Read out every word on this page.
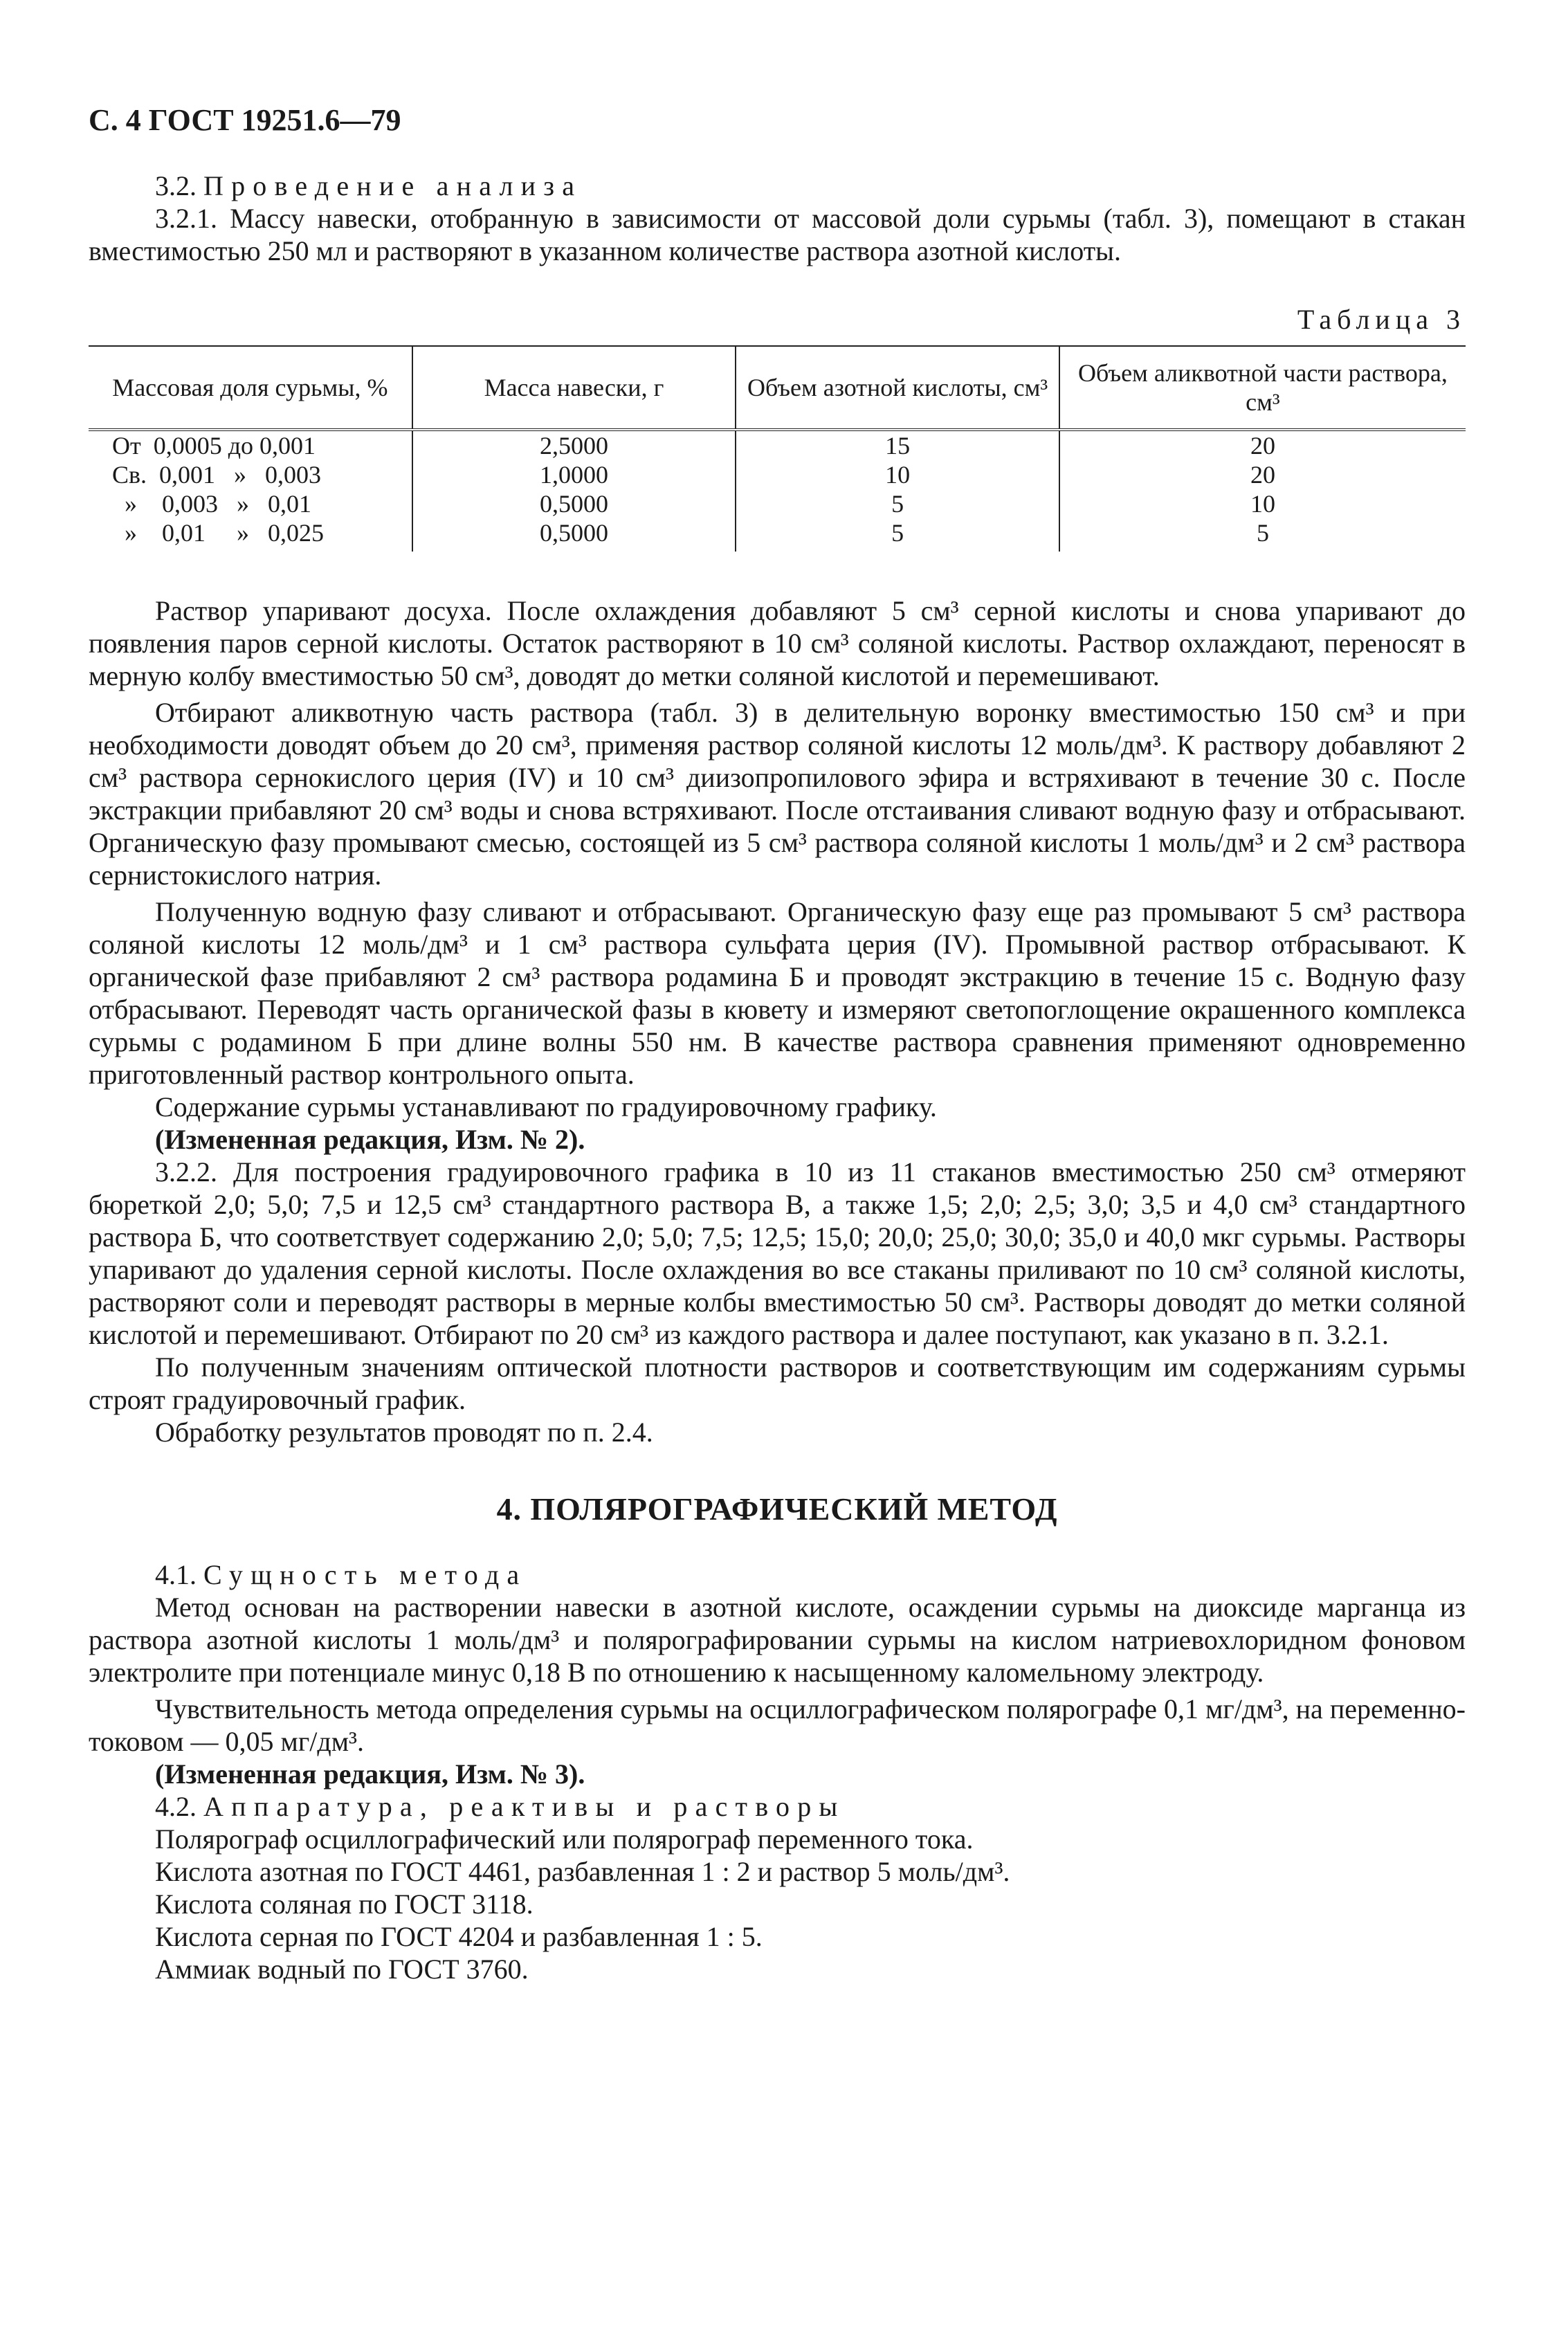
С. 4 ГОСТ 19251.6—79

3.2. Проведение анализа

3.2.1. Массу навески, отобранную в зависимости от массовой доли сурьмы (табл. 3), помещают в стакан вместимостью 250 мл и растворяют в указанном количестве раствора азотной кислоты.

Таблица 3
Массовая доля сурьмы, %	Масса навески, г	Объем азотной кислоты, см³	Объем аликвотной части раствора, см³
От  0,0005 до 0,001	2,5000	15	20
Св.  0,001   »   0,003	1,0000	10	20
»    0,003   »   0,01	0,5000	5	10
»    0,01     »   0,025	0,5000	5	5

Раствор упаривают досуха. После охлаждения добавляют 5 см³ серной кислоты и снова упаривают до появления паров серной кислоты. Остаток растворяют в 10 см³ соляной кислоты. Раствор охлаждают, переносят в мерную колбу вместимостью 50 см³, доводят до метки соляной кислотой и перемешивают.

Отбирают аликвотную часть раствора (табл. 3) в делительную воронку вместимостью 150 см³ и при необходимости доводят объем до 20 см³, применяя раствор соляной кислоты 12 моль/дм³. К раствору добавляют 2 см³ раствора сернокислого церия (IV) и 10 см³ диизопропилового эфира и встряхивают в течение 30 с. После экстракции прибавляют 20 см³ воды и снова встряхивают. После отстаивания сливают водную фазу и отбрасывают. Органическую фазу промывают смесью, состоящей из 5 см³ раствора соляной кислоты 1 моль/дм³ и 2 см³ раствора сернистокислого натрия.

Полученную водную фазу сливают и отбрасывают. Органическую фазу еще раз промывают 5 см³ раствора соляной кислоты 12 моль/дм³ и 1 см³ раствора сульфата церия (IV). Промывной раствор отбрасывают. К органической фазе прибавляют 2 см³ раствора родамина Б и проводят экстракцию в течение 15 с. Водную фазу отбрасывают. Переводят часть органической фазы в кювету и измеряют светопоглощение окрашенного комплекса сурьмы с родамином Б при длине волны 550 нм. В качестве раствора сравнения применяют одновременно приготовленный раствор контрольного опыта.

Содержание сурьмы устанавливают по градуировочному графику.

(Измененная редакция, Изм. № 2).

3.2.2. Для построения градуировочного графика в 10 из 11 стаканов вместимостью 250 см³ отмеряют бюреткой 2,0; 5,0; 7,5 и 12,5 см³ стандартного раствора В, а также 1,5; 2,0; 2,5; 3,0; 3,5 и 4,0 см³ стандартного раствора Б, что соответствует содержанию 2,0; 5,0; 7,5; 12,5; 15,0; 20,0; 25,0; 30,0; 35,0 и 40,0 мкг сурьмы. Растворы упаривают до удаления серной кислоты. После охлаждения во все стаканы приливают по 10 см³ соляной кислоты, растворяют соли и переводят растворы в мерные колбы вместимостью 50 см³. Растворы доводят до метки соляной кислотой и перемешивают. Отбирают по 20 см³ из каждого раствора и далее поступают, как указано в п. 3.2.1.

По полученным значениям оптической плотности растворов и соответствующим им содержаниям сурьмы строят градуировочный график.

Обработку результатов проводят по п. 2.4.

4. ПОЛЯРОГРАФИЧЕСКИЙ МЕТОД

4.1. Сущность метода

Метод основан на растворении навески в азотной кислоте, осаждении сурьмы на диоксиде марганца из раствора азотной кислоты 1 моль/дм³ и полярографировании сурьмы на кислом натриевохлоридном фоновом электролите при потенциале минус 0,18 В по отношению к насыщенному каломельному электроду.

Чувствительность метода определения сурьмы на осциллографическом полярографе 0,1 мг/дм³, на переменно-токовом — 0,05 мг/дм³.

(Измененная редакция, Изм. № 3).

4.2. Аппаратура, реактивы и растворы

Полярограф осциллографический или полярограф переменного тока.

Кислота азотная по ГОСТ 4461, разбавленная 1 : 2 и раствор 5 моль/дм³.

Кислота соляная по ГОСТ 3118.

Кислота серная по ГОСТ 4204 и разбавленная 1 : 5.

Аммиак водный по ГОСТ 3760.
